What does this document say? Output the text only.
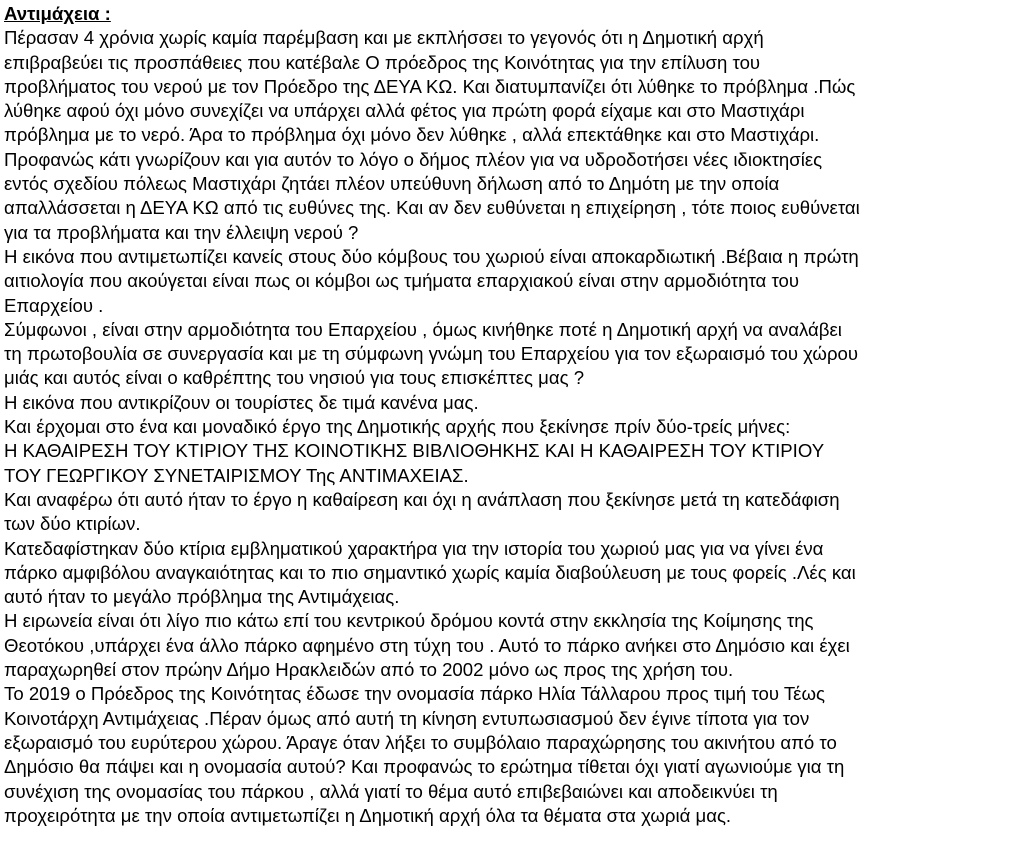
Αντιμάχεια :
Πέρασαν 4 χρόνια χωρίς καμία παρέμβαση και με εκπλήσσει το γεγονός ότι η Δημοτική αρχή
επιβραβεύει τις προσπάθειες που κατέβαλε Ο πρόεδρος της Κοινότητας για την επίλυση του
προβλήματος του νερού με τον Πρόεδρο της ΔΕΥΑ ΚΩ. Και διατυμπανίζει ότι λύθηκε το πρόβλημα .Πώς
λύθηκε αφού όχι μόνο συνεχίζει να υπάρχει αλλά φέτος για πρώτη φορά είχαμε και στο Μαστιχάρι
πρόβλημα με το νερό. Άρα το πρόβλημα όχι μόνο δεν λύθηκε , αλλά επεκτάθηκε και στο Μαστιχάρι.
Προφανώς κάτι γνωρίζουν και για αυτόν το λόγο ο δήμος πλέον για να υδροδοτήσει νέες ιδιοκτησίες
εντός σχεδίου πόλεως Μαστιχάρι ζητάει πλέον υπεύθυνη δήλωση από το Δημότη με την οποία
απαλλάσσεται η ΔΕΥΑ ΚΩ από τις ευθύνες της. Και αν δεν ευθύνεται η επιχείρηση , τότε ποιος ευθύνεται
για τα προβλήματα και την έλλειψη νερού ?
Η εικόνα που αντιμετωπίζει κανείς στους δύο κόμβους του χωριού είναι αποκαρδιωτική .Βέβαια η πρώτη
αιτιολογία που ακούγεται είναι πως οι κόμβοι ως τμήματα επαρχιακού είναι στην αρμοδιότητα του
Επαρχείου .
Σύμφωνοι , είναι στην αρμοδιότητα του Επαρχείου , όμως κινήθηκε ποτέ η Δημοτική αρχή να αναλάβει
τη πρωτοβουλία σε συνεργασία και με τη σύμφωνη γνώμη του Επαρχείου για τον εξωραισμό του χώρου
μιάς και αυτός είναι ο καθρέπτης του νησιού για τους επισκέπτες μας ?
Η εικόνα που αντικρίζουν οι τουρίστες δε τιμά κανένα μας.
Και έρχομαι στο ένα και μοναδικό έργο της Δημοτικής αρχής που ξεκίνησε πρίν δύο-τρείς μήνες:
Η ΚΑΘΑΙΡΕΣΗ ΤΟΥ ΚΤΙΡΙΟΥ ΤΗΣ ΚΟΙΝΟΤΙΚΗΣ ΒΙΒΛΙΟΘΗΚΗΣ ΚΑΙ Η ΚΑΘΑΙΡΕΣΗ ΤΟΥ ΚΤΙΡΙΟΥ
ΤΟΥ ΓΕΩΡΓΙΚΟΥ ΣΥΝΕΤΑΙΡΙΣΜΟΥ Της ΑΝΤΙΜΑΧΕΙΑΣ.
Και αναφέρω ότι αυτό ήταν το έργο η καθαίρεση και όχι η ανάπλαση που ξεκίνησε μετά τη κατεδάφιση
των δύο κτιρίων.
Κατεδαφίστηκαν δύο κτίρια εμβληματικού χαρακτήρα για την ιστορία του χωριού μας για να γίνει ένα
πάρκο αμφιβόλου αναγκαιότητας και το πιο σημαντικό χωρίς καμία διαβούλευση με τους φορείς .Λές και
αυτό ήταν το μεγάλο πρόβλημα της Αντιμάχειας.
Η ειρωνεία είναι ότι λίγο πιο κάτω επί του κεντρικού δρόμου κοντά στην εκκλησία της Κοίμησης της
Θεοτόκου ,υπάρχει ένα άλλο πάρκο αφημένο στη τύχη του . Αυτό το πάρκο ανήκει στο Δημόσιο και έχει
παραχωρηθεί στον πρώην Δήμο Ηρακλειδών από το 2002 μόνο ως προς της χρήση του.
Το 2019 ο Πρόεδρος της Κοινότητας έδωσε την ονομασία πάρκο Ηλία Τάλλαρου προς τιμή του Τέως
Κοινοτάρχη Αντιμάχειας .Πέραν όμως από αυτή τη κίνηση εντυπωσιασμού δεν έγινε τίποτα για τον
εξωραισμό του ευρύτερου χώρου. Άραγε όταν λήξει το συμβόλαιο παραχώρησης του ακινήτου από το
Δημόσιο θα πάψει και η ονομασία αυτού? Και προφανώς το ερώτημα τίθεται όχι γιατί αγωνιούμε για τη
συνέχιση της ονομασίας του πάρκου , αλλά γιατί το θέμα αυτό επιβεβαιώνει και αποδεικνύει τη
προχειρότητα με την οποία αντιμετωπίζει η Δημοτική αρχή όλα τα θέματα στα χωριά μας.
